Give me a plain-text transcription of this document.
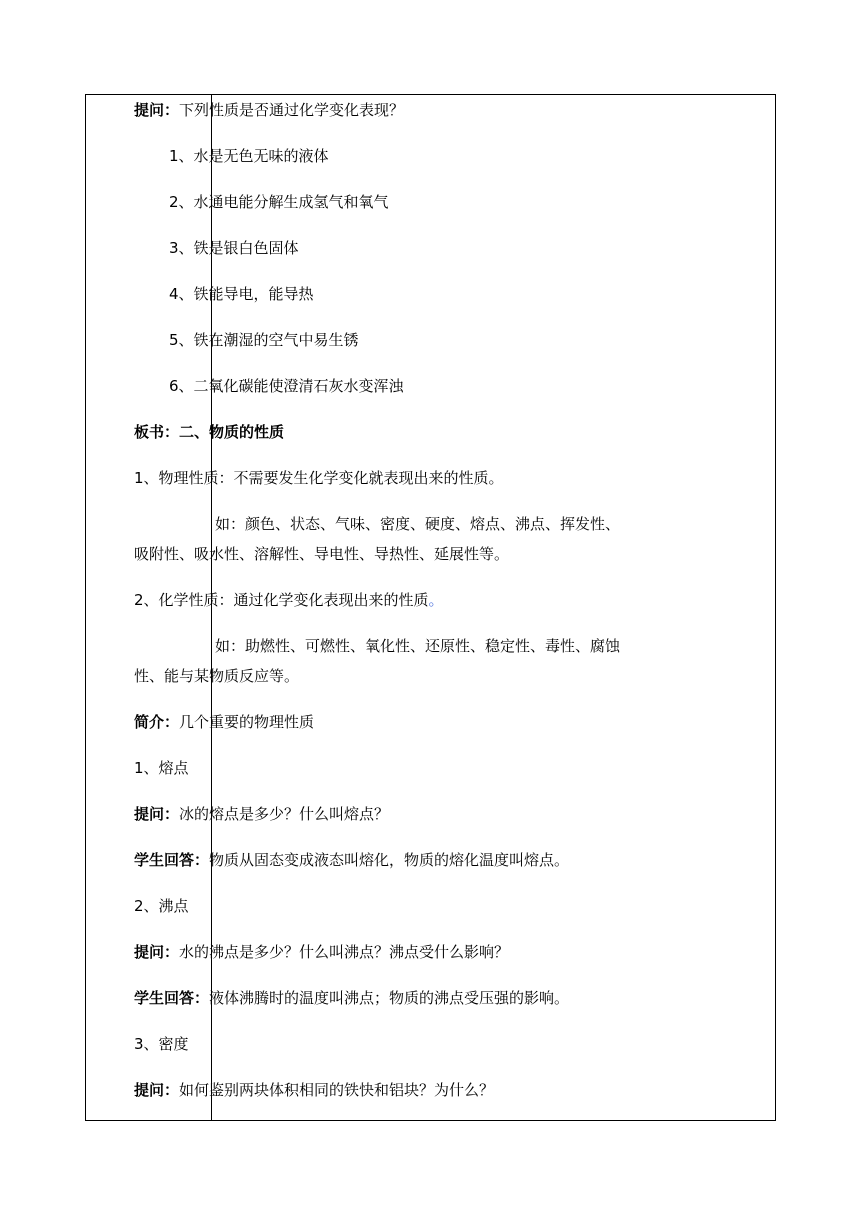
提问：下列性质是否通过化学变化表现？

1、水是无色无味的液体

2、水通电能分解生成氢气和氧气

3、铁是银白色固体

4、铁能导电，能导热

5、铁在潮湿的空气中易生锈

6、二氧化碳能使澄清石灰水变浑浊

板书：二、物质的性质

1、物理性质：不需要发生化学变化就表现出来的性质。

如：颜色、状态、气味、密度、硬度、熔点、沸点、挥发性、

吸附性、吸水性、溶解性、导电性、导热性、延展性等。

2、化学性质：通过化学变化表现出来的性质。

如：助燃性、可燃性、氧化性、还原性、稳定性、毒性、腐蚀

性、能与某物质反应等。

简介：几个重要的物理性质

1、熔点

提问：冰的熔点是多少？什么叫熔点？

学生回答：物质从固态变成液态叫熔化，物质的熔化温度叫熔点。

2、沸点

提问：水的沸点是多少？什么叫沸点？沸点受什么影响？

学生回答：液体沸腾时的温度叫沸点；物质的沸点受压强的影响。

3、密度

提问：如何鉴别两块体积相同的铁快和铝块？为什么？
